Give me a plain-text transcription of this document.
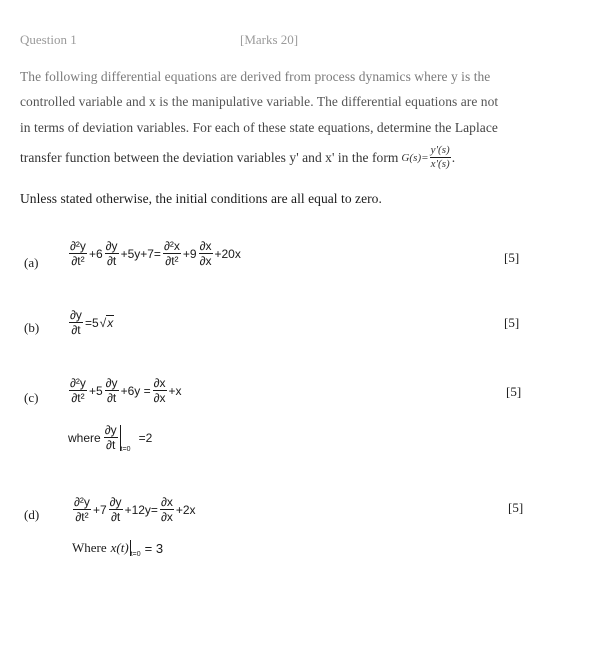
Question 1	[Marks 20]
The following differential equations are derived from process dynamics where y is the
controlled variable and x is the manipulative variable. The differential equations are not
in terms of deviation variables. For each of these state equations, determine the Laplace
transfer function between the deviation variables y' and x' in the form $G(s)= \frac{y'(s)}{x'(s)}$ .
Unless stated otherwise, the initial conditions are all equal to zero.
(a)	$\frac{\text{∂²y}}{\text{∂t²}} +6 \frac{\partial y}{\partial t} +5y+7= \frac{\text{∂²x}}{\text{∂t²}} +9 \frac{\partial x}{\partial x} +20x$	[5]
$(b) \frac{\partial y}{\partial t} =5$ √ x	[5]
(c)	$\frac{\text{∂²y}}{\text{∂t²}} +5 \frac{\partial y}{\partial t} +6y = \frac{\partial x}{\partial x} +x$	[5]
where $\frac{\partial y}{\partial t} t=0$
=2
(d)	$\frac{\text{∂²y}}{\text{∂t²}} +7 \frac{\partial y}{\partial t} +12y= \frac{\partial x}{\partial x} +2x$	[5]
Where x(t) t=0 = 3
